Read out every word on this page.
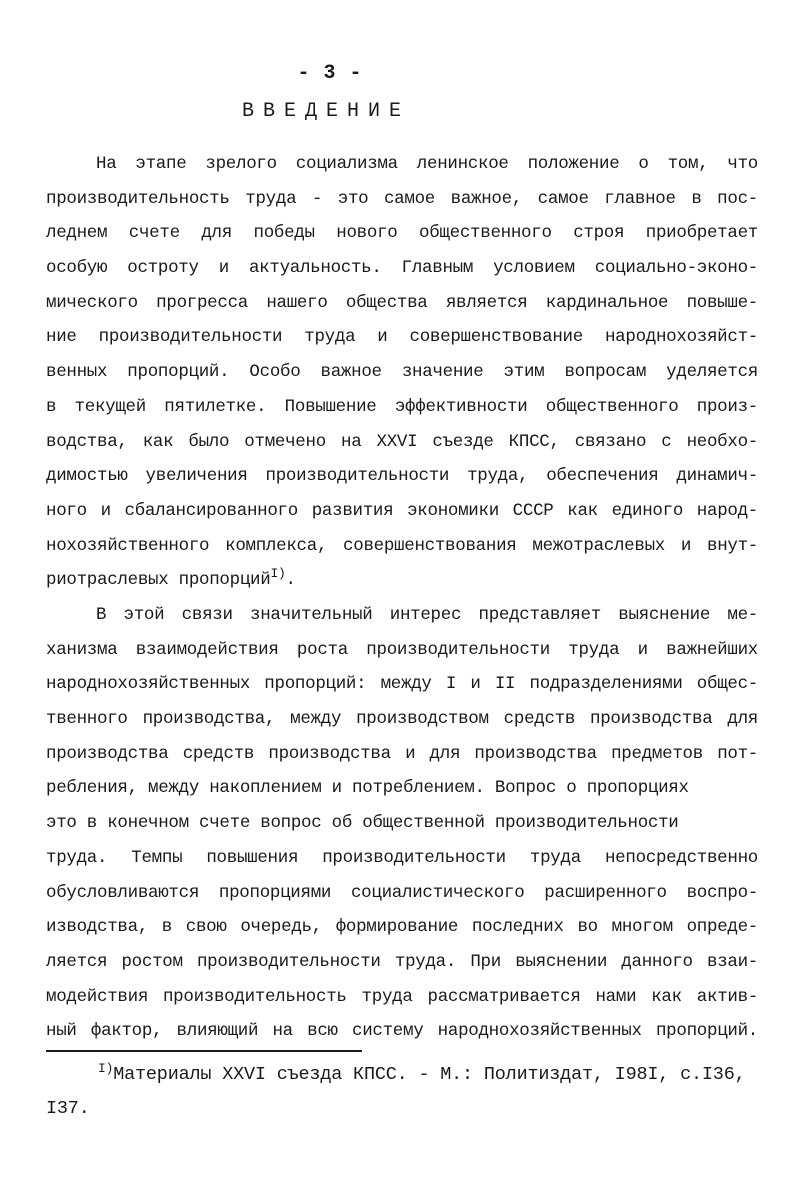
- 3 -
ВВЕДЕНИЕ
На этапе зрелого социализма ленинское положение о том, что
производительность труда - это самое важное, самое главное в пос-
леднем счете для победы нового общественного строя приобретает
особую остроту и актуальность. Главным условием социально-эконо-
мического прогресса нашего общества является кардинальное повыше-
ние производительности труда и совершенствование народнохозяйст-
венных пропорций. Особо важное значение этим вопросам уделяется
в текущей пятилетке. Повышение эффективности общественного произ-
водства, как было отмечено на XXVI съезде КПСС, связано с необхо-
димостью увеличения производительности труда, обеспечения динамич-
ного и сбалансированного развития экономики СССР как единого народ-
нохозяйственного комплекса, совершенствования межотраслевых и внут-
риотраслевых пропорций$^{I)}$.
В этой связи значительный интерес представляет выяснение ме-
ханизма взаимодействия роста производительности труда и важнейших
народнохозяйственных пропорций: между I и II подразделениями общес-
твенного производства, между производством средств производства для
производства средств производства и для производства предметов пот-
ребления, между накоплением и потреблением. Вопрос о пропорциях
это в конечном счете вопрос об общественной производительности
труда. Темпы повышения производительности труда непосредственно
обусловливаются пропорциями социалистического расширенного воспро-
изводства, в свою очередь, формирование последних во многом опреде-
ляется ростом производительности труда. При выяснении данного взаи-
модействия производительность труда рассматривается нами как актив-
ный фактор, влияющий на всю систему народнохозяйственных пропорций.
$^{I)}$Материалы XXVI съезда КПСС. - М.: Политиздат, I98I, с.I36,
I37.
